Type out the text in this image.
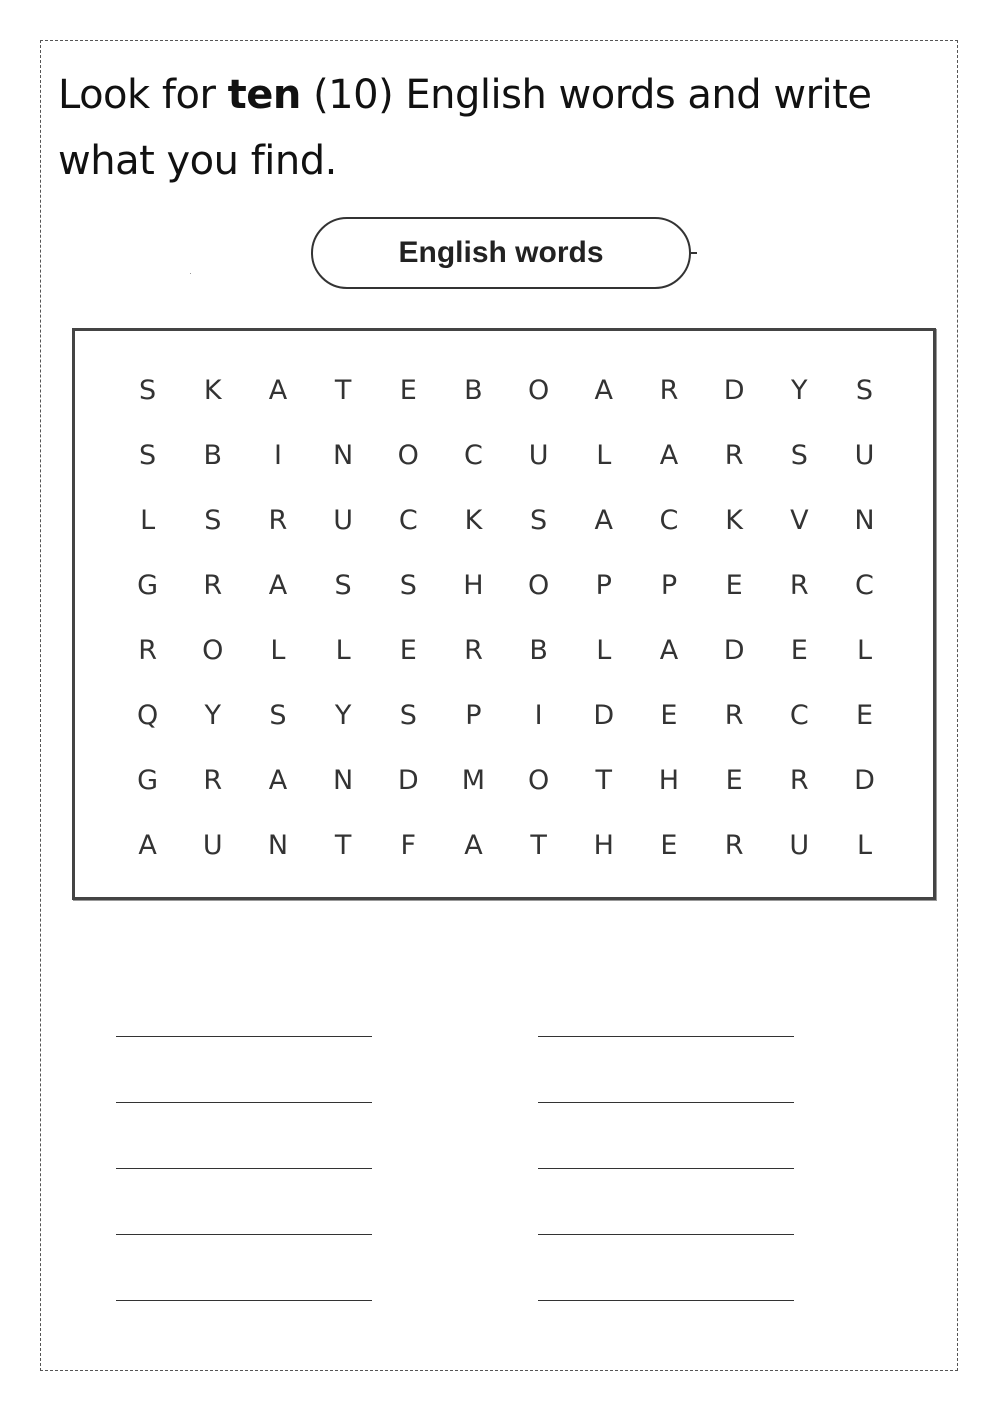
Look for ten (10) English words and write what you find.
English words
S	K	A	T	E	B	O	A	R	D	Y	S
S	B	I	N	O	C	U	L	A	R	S	U
L	S	R	U	C	K	S	A	C	K	V	N
G	R	A	S	S	H	O	P	P	E	R	C
R	O	L	L	E	R	B	L	A	D	E	L
Q	Y	S	Y	S	P	I	D	E	R	C	E
G	R	A	N	D	M	O	T	H	E	R	D
A	U	N	T	F	A	T	H	E	R	U	L
